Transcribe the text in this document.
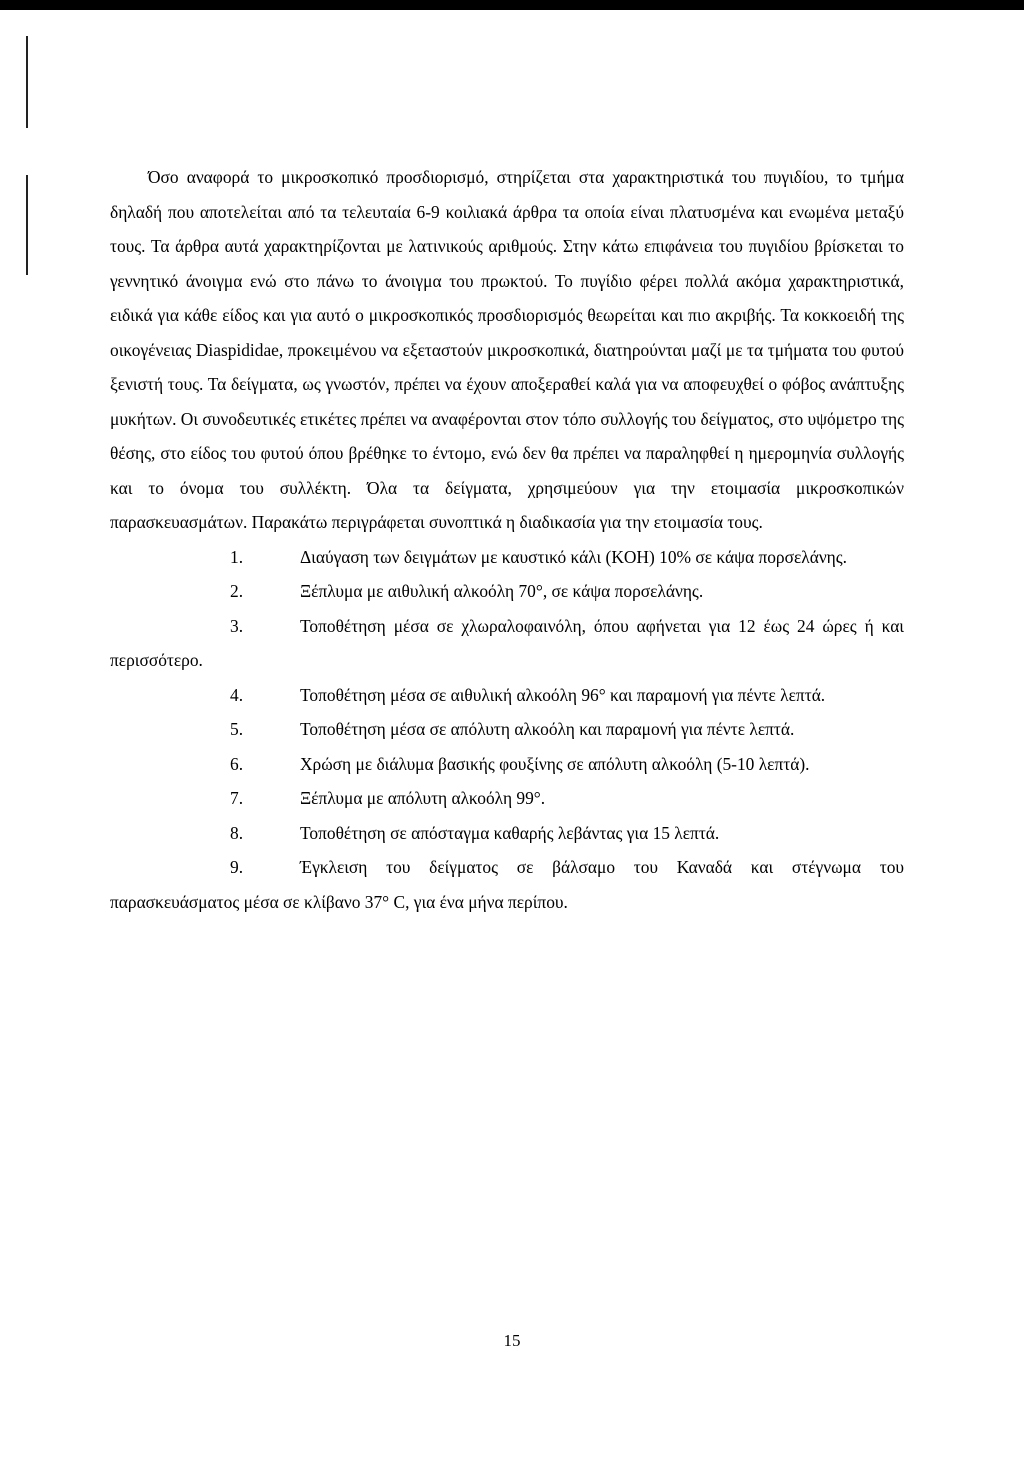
Όσο αναφορά το μικροσκοπικό προσδιορισμό, στηρίζεται στα χαρακτηριστικά του πυγιδίου, το τμήμα δηλαδή που αποτελείται από τα τελευταία 6-9 κοιλιακά άρθρα τα οποία είναι πλατυσμένα και ενωμένα μεταξύ τους. Τα άρθρα αυτά χαρακτηρίζονται με λατινικούς αριθμούς. Στην κάτω επιφάνεια του πυγιδίου βρίσκεται το γεννητικό άνοιγμα ενώ στο πάνω το άνοιγμα του πρωκτού. Το πυγίδιο φέρει πολλά ακόμα χαρακτηριστικά, ειδικά για κάθε είδος και για αυτό ο μικροσκοπικός προσδιορισμός θεωρείται και πιο ακριβής. Τα κοκκοειδή της οικογένειας Diaspididae, προκειμένου να εξεταστούν μικροσκοπικά, διατηρούνται μαζί με τα τμήματα του φυτού ξενιστή τους. Τα δείγματα, ως γνωστόν, πρέπει να έχουν αποξεραθεί καλά για να αποφευχθεί ο φόβος ανάπτυξης μυκήτων. Οι συνοδευτικές ετικέτες πρέπει να αναφέρονται στον τόπο συλλογής του δείγματος, στο υψόμετρο της θέσης, στο είδος του φυτού όπου βρέθηκε το έντομο, ενώ δεν θα πρέπει να παραληφθεί η ημερομηνία συλλογής και το όνομα του συλλέκτη. Όλα τα δείγματα, χρησιμεύουν για την ετοιμασία μικροσκοπικών παρασκευασμάτων. Παρακάτω περιγράφεται συνοπτικά η διαδικασία για την ετοιμασία τους.

1.	Διαύγαση των δειγμάτων με καυστικό κάλι (KOH) 10% σε κάψα πορσελάνης.
2.	Ξέπλυμα με αιθυλική αλκοόλη 70°, σε κάψα πορσελάνης.
3.	Τοποθέτηση μέσα σε χλωραλοφαινόλη, όπου αφήνεται για 12 έως 24 ώρες ή και περισσότερο.
4.	Τοποθέτηση μέσα σε αιθυλική αλκοόλη 96° και παραμονή για πέντε λεπτά.
5.	Τοποθέτηση μέσα σε απόλυτη αλκοόλη και παραμονή για πέντε λεπτά.
6.	Χρώση με διάλυμα βασικής φουξίνης σε απόλυτη αλκοόλη (5-10 λεπτά).
7.	Ξέπλυμα με απόλυτη αλκοόλη 99°.
8.	Τοποθέτηση σε απόσταγμα καθαρής λεβάντας για 15 λεπτά.
9.	Έγκλειση του δείγματος σε βάλσαμο του Καναδά και στέγνωμα του παρασκευάσματος μέσα σε κλίβανο 37° C, για ένα μήνα περίπου.
15
